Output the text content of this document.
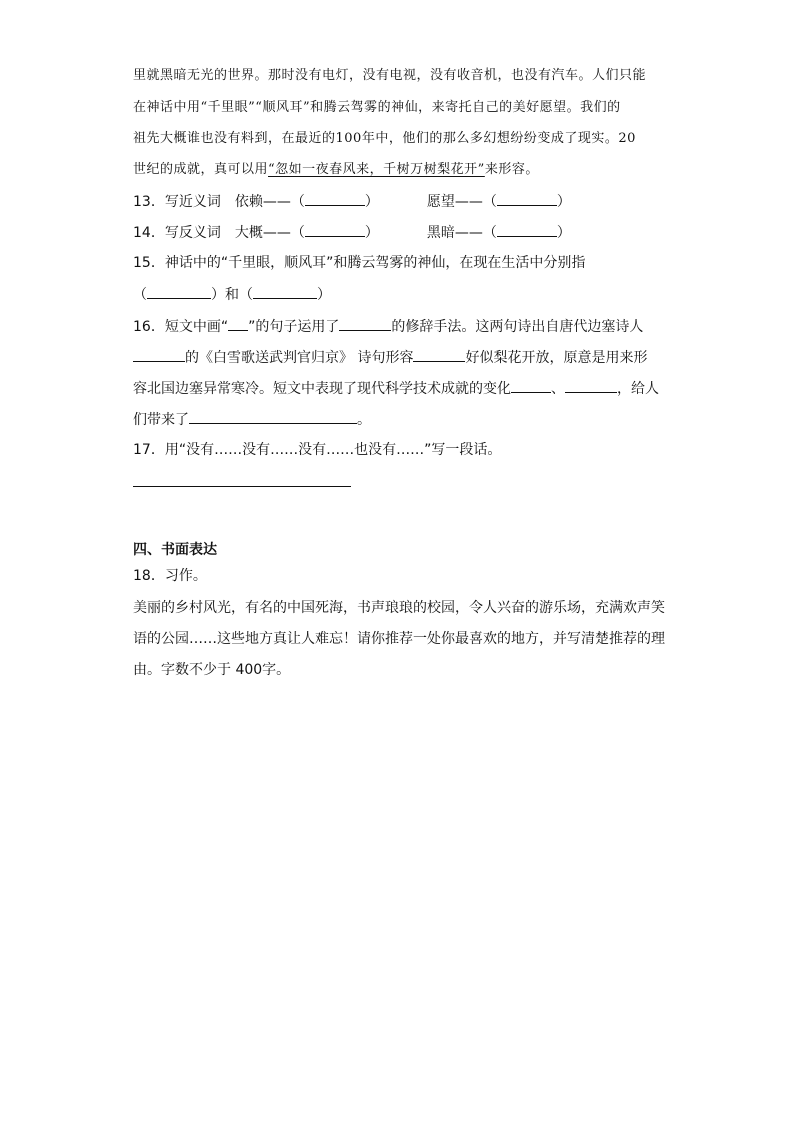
里就黑暗无光的世界。那时没有电灯，没有电视，没有收音机，也没有汽车。人们只能
在神话中用“千里眼”“顺风耳”和腾云驾雾的神仙，来寄托自己的美好愿望。我们的
祖先大概谁也没有料到，在最近的100年中，他们的那么多幻想纷纷变成了现实。20
世纪的成就，真可以用“忽如一夜春风来，千树万树梨花开”来形容。
13．写近义词 依赖——（	）	愿望——（	）
14．写反义词 大概——（	）	黑暗——（	）
15．神话中的“千里眼，顺风耳”和腾云驾雾的神仙，在现在生活中分别指
（	）和（	）
16．短文中画“ ”的句子运用了	的修辞手法。这两句诗出自唐代边塞诗人
的《白雪歌送武判官归京》 诗句形容	好似梨花开放，原意是用来形
容北国边塞异常寒冷。短文中表现了现代科学技术成就的变化	、	，给人
们带来了	。
17．用“没有……没有……没有……也没有……”写一段话。
四、书面表达
18．习作。
美丽的乡村风光，有名的中国死海，书声琅琅的校园，令人兴奋的游乐场，充满欢声笑
语的公园……这些地方真让人难忘！请你推荐一处你最喜欢的地方，并写清楚推荐的理
由。字数不少于 400字。
